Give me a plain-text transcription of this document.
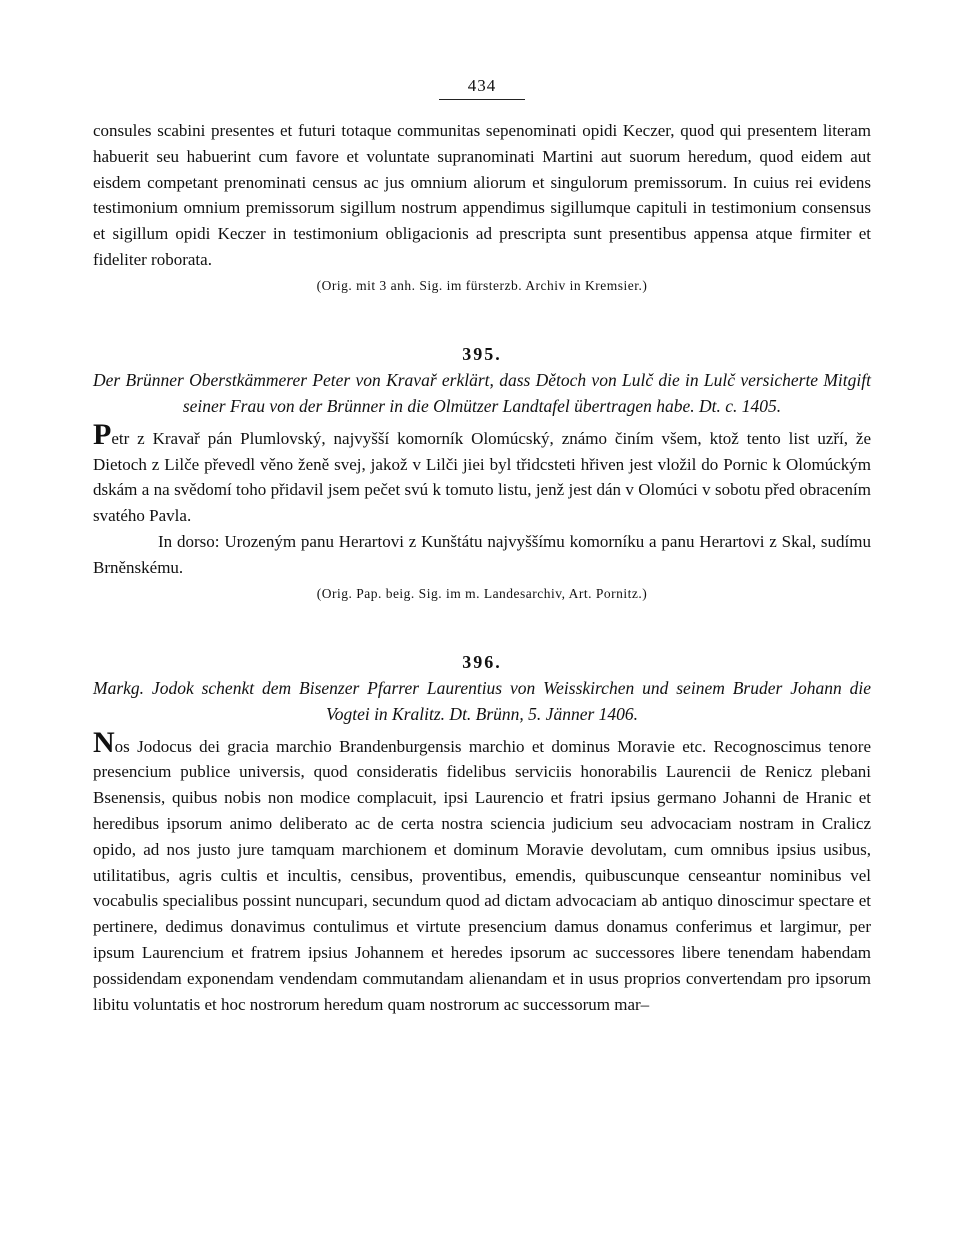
434

consules scabini presentes et futuri totaque communitas sepenominati opidi Keczer, quod qui presentem literam habuerit seu habuerint cum favore et voluntate supranominati Martini aut suorum heredum, quod eidem aut eisdem competant prenominati census ac jus omnium aliorum et singulorum premissorum. In cuius rei evidens testimonium omnium premissorum sigillum nostrum appendimus sigillumque capituli in testimonium consensus et sigillum opidi Keczer in testimonium obligacionis ad prescripta sunt presentibus appensa atque firmiter et fideliter roborata.

(Orig. mit 3 anh. Sig. im fürsterzb. Archiv in Kremsier.)

395.
Der Brünner Oberstkämmerer Peter von Kravař erklärt, dass Dětoch von Lulč die in Lulč versicherte Mitgift seiner Frau von der Brünner in die Olmützer Landtafel übertragen habe. Dt. c. 1405.

Petr z Kravař pán Plumlovský, najvyšší komorník Olomúcský, známo činím všem, ktož tento list uzří, že Dietoch z Lilče převedl věno ženě svej, jakož v Lilči jiei byl třidcsteti hřiven jest vložil do Pornic k Olomúckým dskám a na svědomí toho přidavil jsem pečet svú k tomuto listu, jenž jest dán v Olomúci v sobotu před obracením svatého Pavla.

In dorso: Urozeným panu Herartovi z Kunštátu najvyššímu komorníku a panu Herartovi z Skal, sudímu Brněnskému.

(Orig. Pap. beig. Sig. im m. Landesarchiv, Art. Pornitz.)

396.
Markg. Jodok schenkt dem Bisenzer Pfarrer Laurentius von Weisskirchen und seinem Bruder Johann die Vogtei in Kralitz. Dt. Brünn, 5. Jänner 1406.

Nos Jodocus dei gracia marchio Brandenburgensis marchio et dominus Moravie etc. Recognoscimus tenore presencium publice universis, quod consideratis fidelibus serviciis honorabilis Laurencii de Renicz plebani Bsenensis, quibus nobis non modice complacuit, ipsi Laurencio et fratri ipsius germano Johanni de Hranic et heredibus ipsorum animo deliberato ac de certa nostra sciencia judicium seu advocaciam nostram in Cralicz opido, ad nos justo jure tamquam marchionem et dominum Moravie devolutam, cum omnibus ipsius usibus, utilitatibus, agris cultis et incultis, censibus, proventibus, emendis, quibuscunque censeantur nominibus vel vocabulis specialibus possint nuncupari, secundum quod ad dictam advocaciam ab antiquo dinoscimur spectare et pertinere, dedimus donavimus contulimus et virtute presencium damus donamus conferimus et largimur, per ipsum Laurencium et fratrem ipsius Johannem et heredes ipsorum ac successores libere tenendam habendam possidendam exponendam vendendam commutandam alienandam et in usus proprios convertendam pro ipsorum libitu voluntatis et hoc nostrorum heredum quam nostrorum ac successorum mar–
